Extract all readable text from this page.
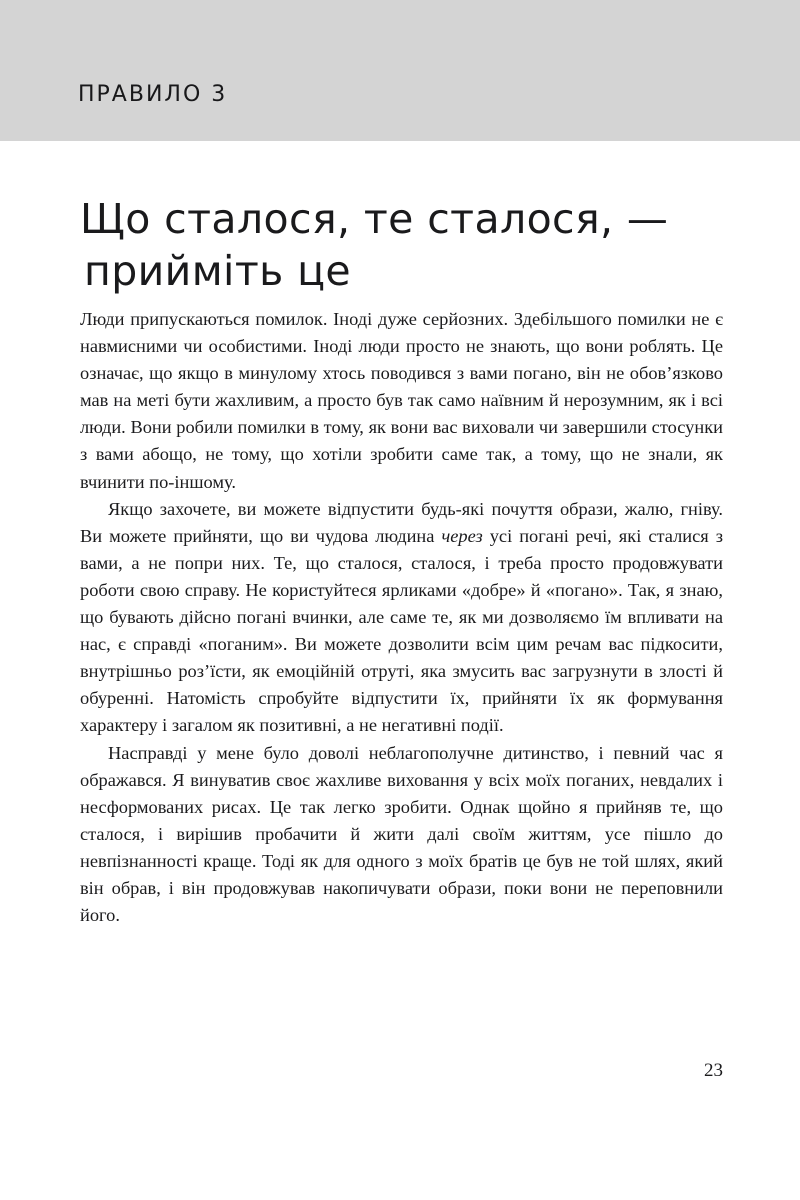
ПРАВИЛО 3
Що сталося, те сталося, —
прийміть це

Люди припускаються помилок. Іноді дуже серйозних. Здебільшого помилки не є навмисними чи особистими. Іноді люди просто не знають, що вони роблять. Це означає, що якщо в минулому хтось поводився з вами погано, він не обов’язково мав на меті бути жахливим, а просто був так само наївним й нерозумним, як і всі люди. Вони робили помилки в тому, як вони вас виховали чи завершили стосунки з вами абощо, не тому, що хотіли зробити саме так, а тому, що не знали, як вчинити по-іншому.

Якщо захочете, ви можете відпустити будь-які почуття образи, жалю, гніву. Ви можете прийняти, що ви чудова людина через усі погані речі, які сталися з вами, а не попри них. Те, що сталося, сталося, і треба просто продовжувати роботи свою справу. Не користуйтеся ярликами «добре» й «погано». Так, я знаю, що бувають дійсно погані вчинки, але саме те, як ми дозволяємо їм впливати на нас, є справді «поганим». Ви можете дозволити всім цим речам вас підкосити, внутрішньо роз’їсти, як емоційній отруті, яка змусить вас загрузнути в злості й обуренні. Натомість спробуйте відпустити їх, прийняти їх як формування характеру і загалом як позитивні, а не негативні події.

Насправді у мене було доволі неблагополучне дитинство, і певний час я ображався. Я винуватив своє жахливе виховання у всіх моїх поганих, невдалих і несформованих рисах. Це так легко зробити. Однак щойно я прийняв те, що сталося, і вирішив пробачити й жити далі своїм життям, усе пішло до невпізнанності краще. Тоді як для одного з моїх братів це був не той шлях, який він обрав, і він продовжував накопичувати образи, поки вони не переповнили його.

23
